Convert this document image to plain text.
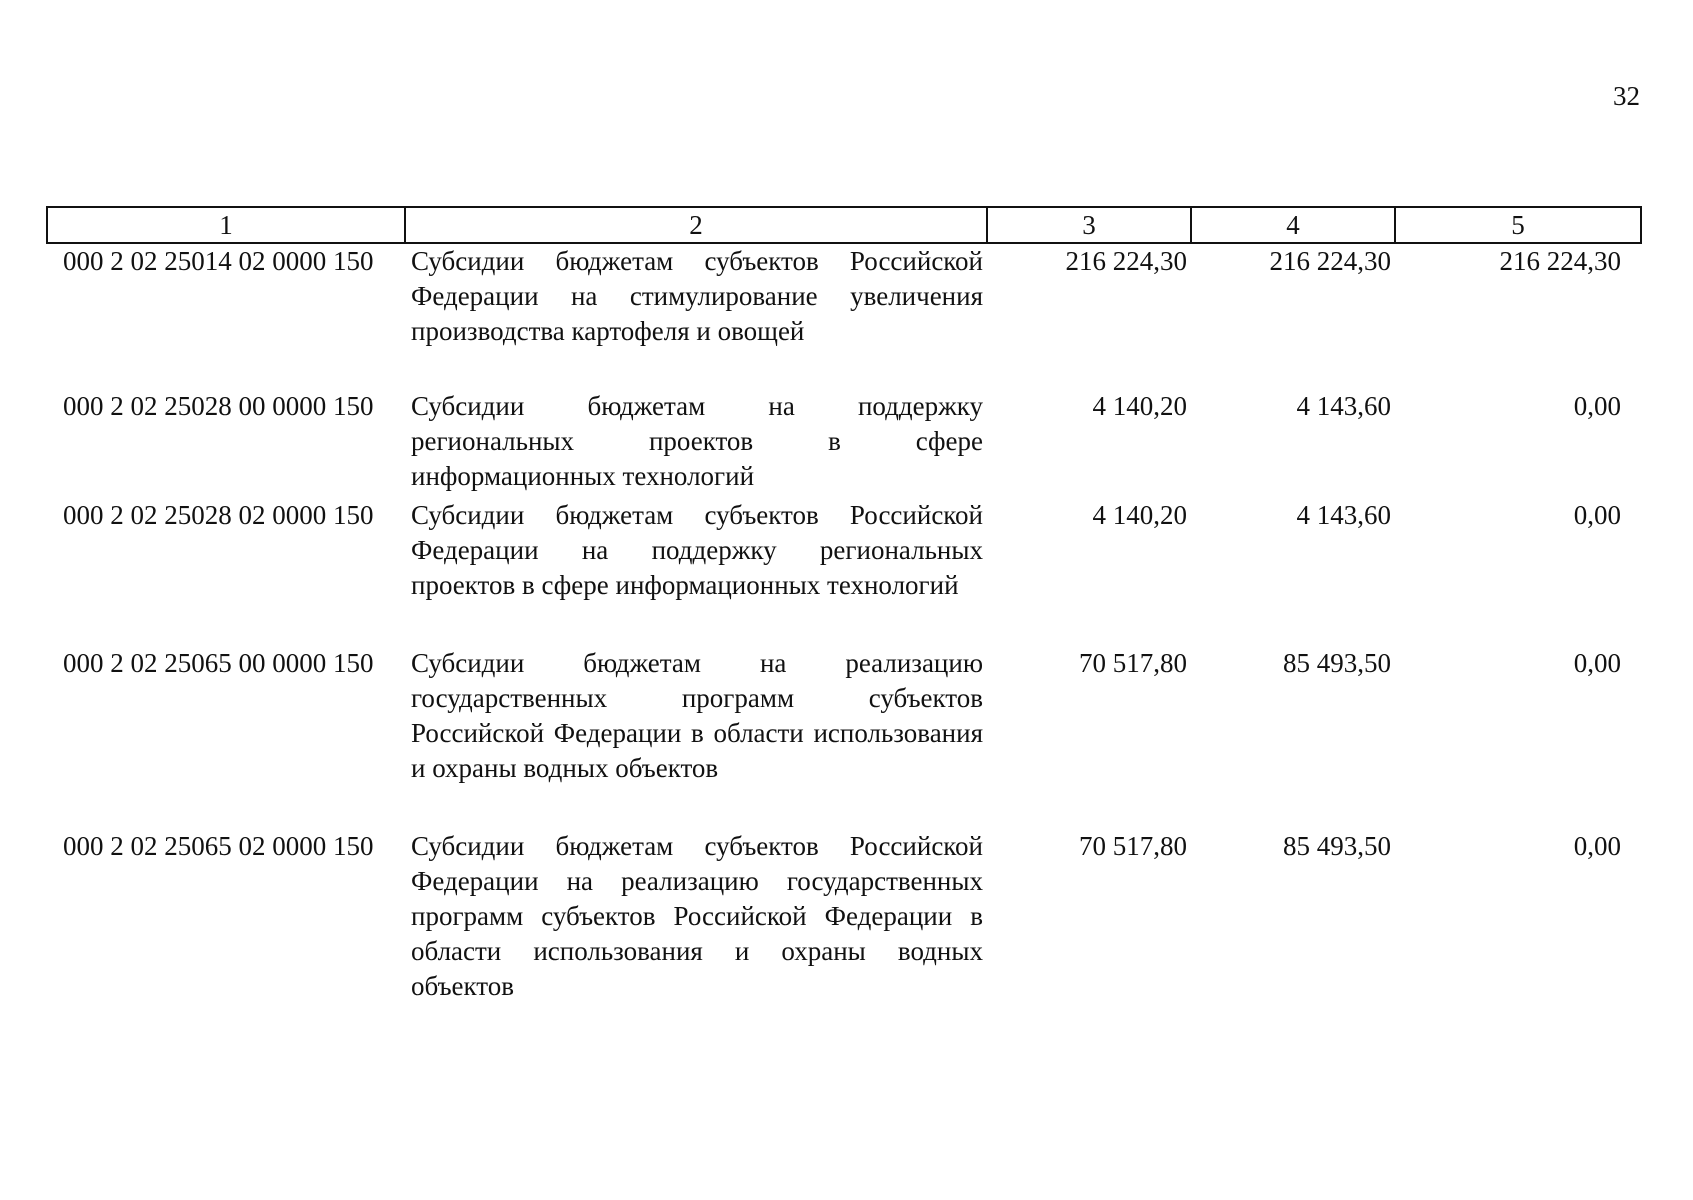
32
1	2	3	4	5
000 2 02 25014 02 0000 150	Субсидии бюджетам субъектов Российской Федерации на стимулирование увеличения производства картофеля и овощей	216 224,30	216 224,30	216 224,30
000 2 02 25028 00 0000 150	Субсидии бюджетам на поддержку региональных проектов в сфере информационных технологий	4 140,20	4 143,60	0,00
000 2 02 25028 02 0000 150	Субсидии бюджетам субъектов Российской Федерации на поддержку региональных проектов в сфере информационных технологий	4 140,20	4 143,60	0,00
000 2 02 25065 00 0000 150	Субсидии бюджетам на реализацию государственных программ субъектов Российской Федерации в области использования и охраны водных объектов	70 517,80	85 493,50	0,00
000 2 02 25065 02 0000 150	Субсидии бюджетам субъектов Российской Федерации на реализацию государственных программ субъектов Российской Федерации в области использования и охраны водных объектов	70 517,80	85 493,50	0,00
